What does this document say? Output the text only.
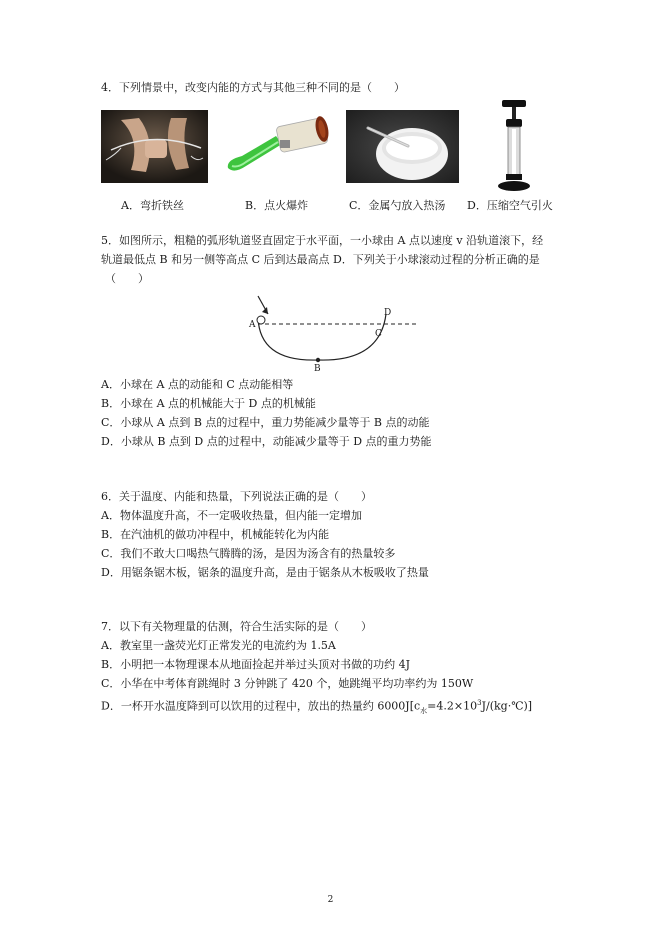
4．下列情景中，改变内能的方式与其他三种不同的是（　　）
A．弯折铁丝	B．点火爆炸	C．金属勺放入热汤 D．压缩空气引火
5．如图所示，粗糙的弧形轨道竖直固定于水平面，一小球由 A 点以速度 v 沿轨道滚下，经
轨道最低点 B 和另一侧等高点 C 后到达最高点 D．下列关于小球滚动过程的分析正确的是
（　　）
A
B
C
D
A．小球在 A 点的动能和 C 点动能相等
B．小球在 A 点的机械能大于 D 点的机械能
C．小球从 A 点到 B 点的过程中，重力势能减少量等于 B 点的动能
D．小球从 B 点到 D 点的过程中，动能减少量等于 D 点的重力势能
6．关于温度、内能和热量，下列说法正确的是（　　）
A．物体温度升高，不一定吸收热量，但内能一定增加
B．在汽油机的做功冲程中，机械能转化为内能
C．我们不敢大口喝热气腾腾的汤，是因为汤含有的热量较多
D．用锯条锯木板，锯条的温度升高，是由于锯条从木板吸收了热量
7．以下有关物理量的估测，符合生活实际的是（　　）
A．教室里一盏荧光灯正常发光的电流约为 1.5A
B．小明把一本物理课本从地面捡起并举过头顶对书做的功约 4J
C．小华在中考体育跳绳时 3 分钟跳了 420 个，她跳绳平均功率约为 150W
D．一杯开水温度降到可以饮用的过程中，放出的热量约 $6000J[c_水=4.2\times 10^3J/(kg\cdot℃)]$
2
